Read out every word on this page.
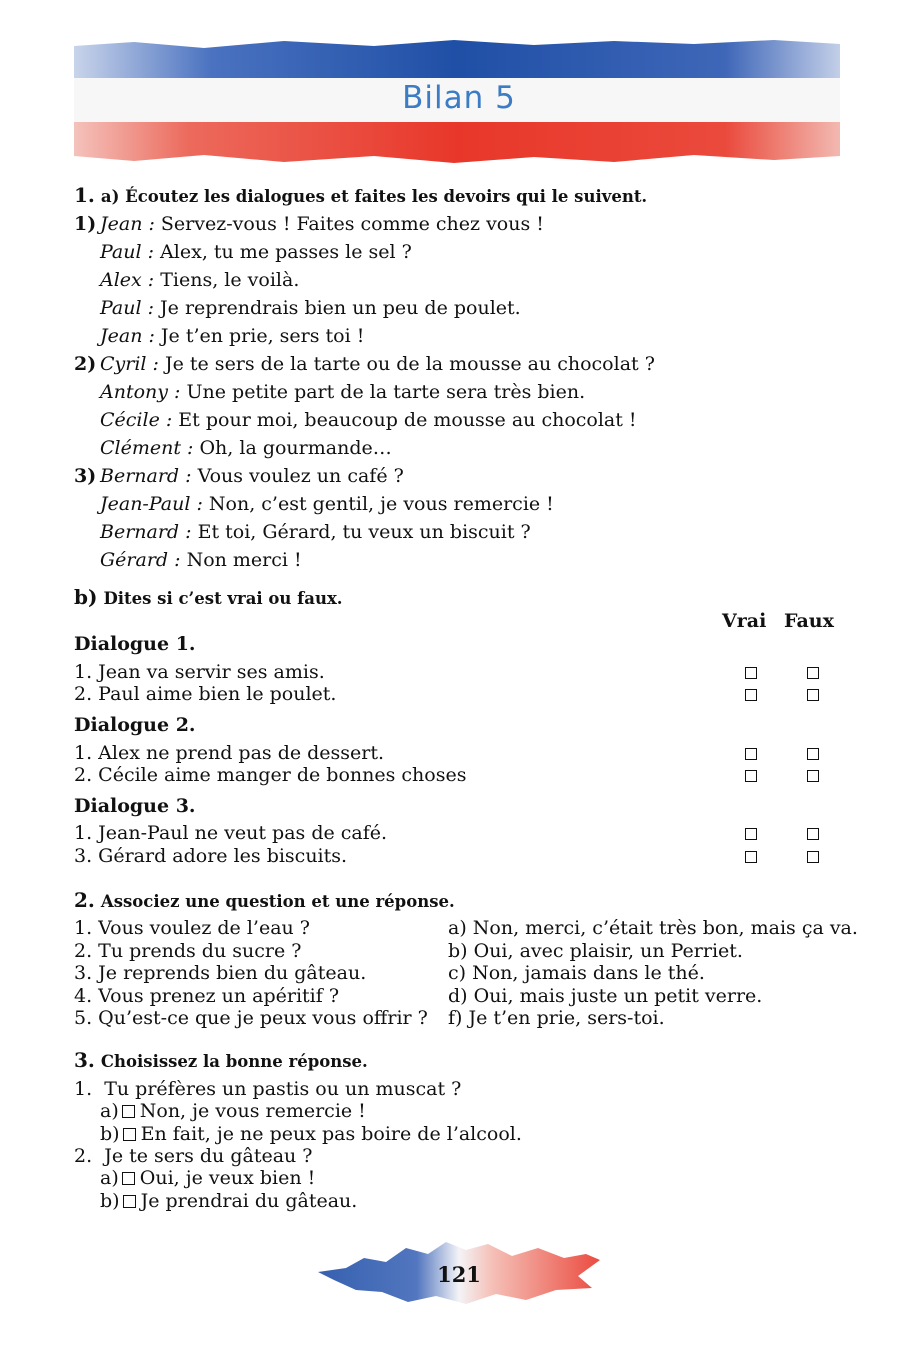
Bilan 5
1. a) Écoutez les dialogues et faites les devoirs qui le suivent.
1) Jean : Servez-vous ! Faites comme chez vous !
Paul : Alex, tu me passes le sel ?
Alex : Tiens, le voilà.
Paul : Je reprendrais bien un peu de poulet.
Jean : Je t’en prie, sers toi !
2) Cyril : Je te sers de la tarte ou de la mousse au chocolat ?
Antony : Une petite part de la tarte sera très bien.
Cécile : Et pour moi, beaucoup de mousse au chocolat !
Clément : Oh, la gourmande…
3) Bernard : Vous voulez un café ?
Jean-Paul : Non, c’est gentil, je vous remercie !
Bernard : Et toi, Gérard, tu veux un biscuit ?
Gérard : Non merci !
b) Dites si c’est vrai ou faux.
Vrai Faux
Dialogue 1.
1. Jean va servir ses amis.
2. Paul aime bien le poulet.
Dialogue 2.
1. Alex ne prend pas de dessert.
2. Cécile aime manger de bonnes choses
Dialogue 3.
1. Jean-Paul ne veut pas de café.
3. Gérard adore les biscuits.
2. Associez une question et une réponse.
1. Vous voulez de l’eau ?
2. Tu prends du sucre ?
3. Je reprends bien du gâteau.
4. Vous prenez un apéritif ?
5. Qu’est-ce que je peux vous offrir ?
a) Non, merci, c’était très bon, mais ça va.
b) Oui, avec plaisir, un Perriet.
c) Non, jamais dans le thé.
d) Oui, mais juste un petit verre.
f) Je t’en prie, sers-toi.
3. Choisissez la bonne réponse.
1.  Tu préfères un pastis ou un muscat ?
a) Non, je vous remercie !
b) En fait, je ne peux pas boire de l’alcool.
2.  Je te sers du gâteau ?
a) Oui, je veux bien !
b) Je prendrai du gâteau.
121
